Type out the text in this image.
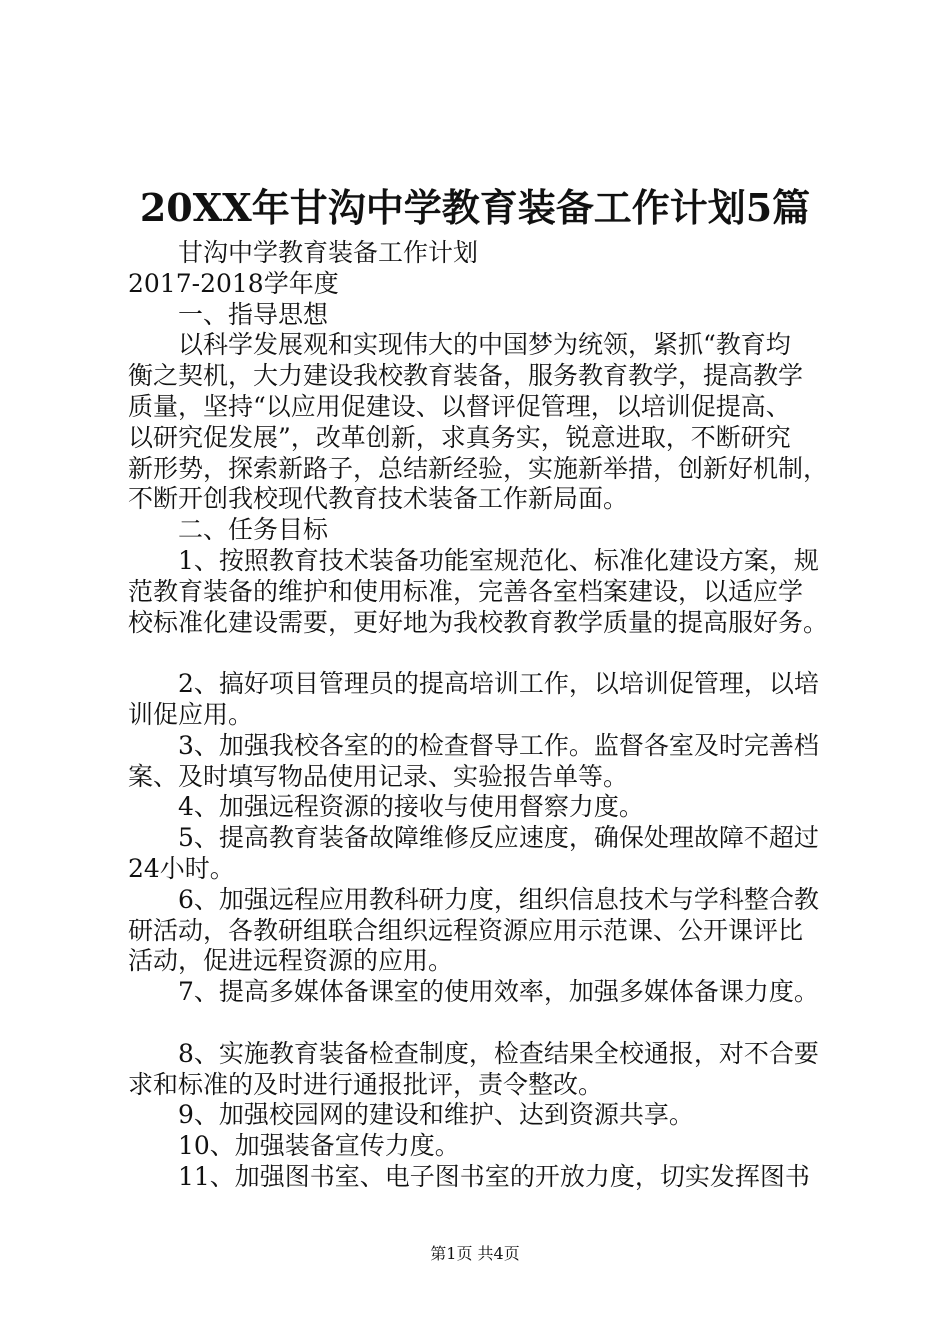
20XX年甘沟中学教育装备工作计划5篇
甘沟中学教育装备工作计划
2017-2018学年度
一、指导思想
以科学发展观和实现伟大的中国梦为统领，紧抓“教育均
衡之契机，大力建设我校教育装备，服务教育教学，提高教学
质量，坚持“以应用促建设、以督评促管理，以培训促提高、
以研究促发展”，改革创新，求真务实，锐意进取，不断研究
新形势，探索新路子，总结新经验，实施新举措，创新好机制，
不断开创我校现代教育技术装备工作新局面。
二、任务目标
1、按照教育技术装备功能室规范化、标准化建设方案，规
范教育装备的维护和使用标准，完善各室档案建设，以适应学
校标准化建设需要，更好地为我校教育教学质量的提高服好务。
2、搞好项目管理员的提高培训工作，以培训促管理，以培
训促应用。
3、加强我校各室的的检查督导工作。监督各室及时完善档
案、及时填写物品使用记录、实验报告单等。
4、加强远程资源的接收与使用督察力度。
5、提高教育装备故障维修反应速度，确保处理故障不超过
24小时。
6、加强远程应用教科研力度，组织信息技术与学科整合教
研活动，各教研组联合组织远程资源应用示范课、公开课评比
活动，促进远程资源的应用。
7、提高多媒体备课室的使用效率，加强多媒体备课力度。
8、实施教育装备检查制度，检查结果全校通报，对不合要
求和标准的及时进行通报批评，责令整改。
9、加强校园网的建设和维护、达到资源共享。
10、加强装备宣传力度。
11、加强图书室、电子图书室的开放力度，切实发挥图书
第1页 共4页
